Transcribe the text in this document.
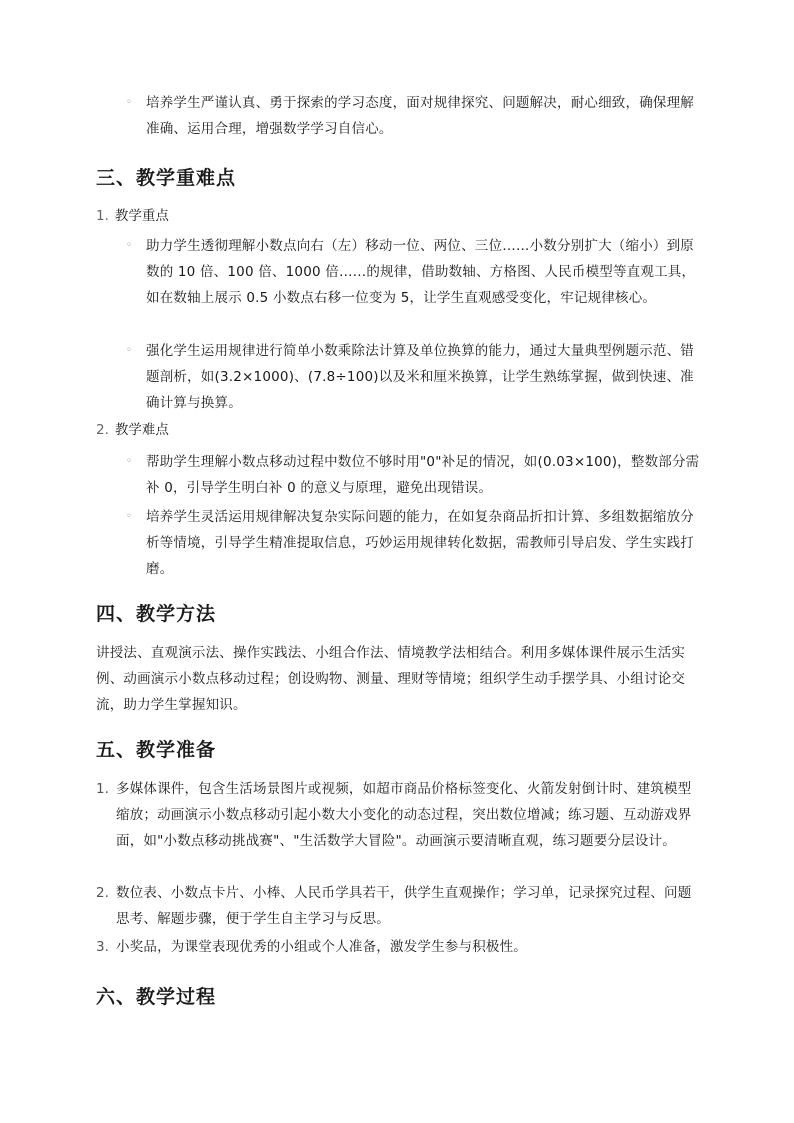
◦ 培养学生严谨认真、勇于探索的学习态度，面对规律探究、问题解决，耐心细致，确保理解准确、运用合理，增强数学学习自信心。
三、教学重难点
1. 教学重点
◦ 助力学生透彻理解小数点向右（左）移动一位、两位、三位……小数分别扩大（缩小）到原数的 10 倍、100 倍、1000 倍……的规律，借助数轴、方格图、人民币模型等直观工具，如在数轴上展示 0.5 小数点右移一位变为 5，让学生直观感受变化，牢记规律核心。
◦ 强化学生运用规律进行简单小数乘除法计算及单位换算的能力，通过大量典型例题示范、错题剖析，如(3.2×1000)、(7.8÷100)以及米和厘米换算，让学生熟练掌握，做到快速、准确计算与换算。
2. 教学难点
◦ 帮助学生理解小数点移动过程中数位不够时用"0"补足的情况，如(0.03×100)，整数部分需补 0，引导学生明白补 0 的意义与原理，避免出现错误。
◦ 培养学生灵活运用规律解决复杂实际问题的能力，在如复杂商品折扣计算、多组数据缩放分析等情境，引导学生精准提取信息，巧妙运用规律转化数据，需教师引导启发、学生实践打磨。
四、教学方法
讲授法、直观演示法、操作实践法、小组合作法、情境教学法相结合。利用多媒体课件展示生活实例、动画演示小数点移动过程；创设购物、测量、理财等情境；组织学生动手摆学具、小组讨论交流，助力学生掌握知识。
五、教学准备
1. 多媒体课件，包含生活场景图片或视频，如超市商品价格标签变化、火箭发射倒计时、建筑模型缩放；动画演示小数点移动引起小数大小变化的动态过程，突出数位增减；练习题、互动游戏界面，如"小数点移动挑战赛"、"生活数学大冒险"。动画演示要清晰直观，练习题要分层设计。
2. 数位表、小数点卡片、小棒、人民币学具若干，供学生直观操作；学习单，记录探究过程、问题思考、解题步骤，便于学生自主学习与反思。
3. 小奖品，为课堂表现优秀的小组或个人准备，激发学生参与积极性。
六、教学过程
